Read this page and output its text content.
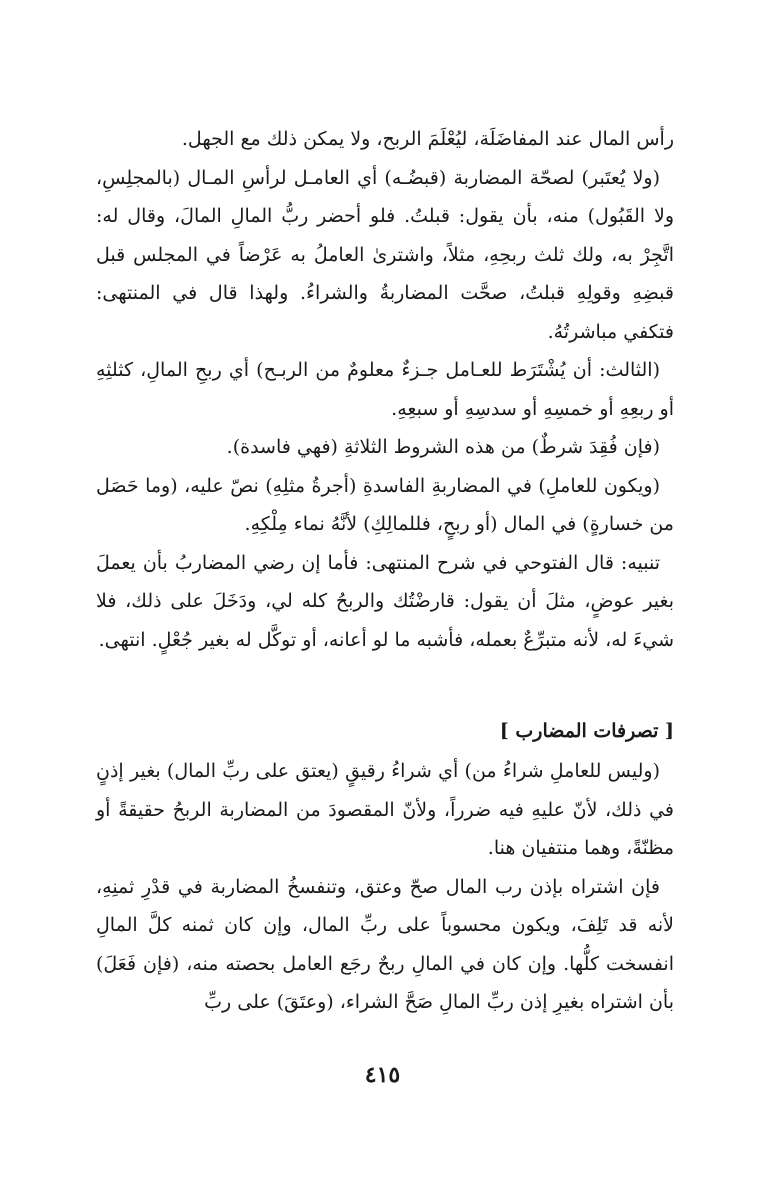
رأس المال عند المفاضَلَة، ليُعْلَمَ الربح، ولا يمكن ذلك مع الجهل.

(ولا يُعتَبر) لصحّة المضاربة (قبضُـه) أي العامـل لرأسِ المـال (بالمجلِسِ، ولا القَبُول) منه، بأن يقول: قبلتُ. فلو أحضر ربُّ المالِ المالَ، وقال له: اتَّجِرْ به، ولك ثلث ربحِهِ، مثلاً، واشترىٰ العاملُ به عَرْضاً في المجلس قبل قبضِهِ وقولِهِ قبلتُ، صحَّت المضاربةُ والشراءُ. ولهذا قال في المنتهى: فتكفي مباشرتُهُ.

(الثالث: أن يُشْتَرَط للعـامل جـزءٌ معلومٌ من الربـح) أي ربحِ المالِ، كثلثِهِ أو ربعِهِ أو خمسِهِ أو سدسِهِ أو سبعِهِ.

(فإن فُقِدَ شرطٌ) من هذه الشروط الثلاثةِ (فهي فاسدة).

(ويكون للعاملِ) في المضاربةِ الفاسدةِ (أجرةُ مثلِهِ) نصّ عليه، (وما حَصَل من خسارةٍ) في المال (أو ربحٍ، فللمالِكِ) لأنَّهُ نماء مِلْكِهِ.

تنبيه: قال الفتوحي في شرح المنتهى: فأما إن رضي المضاربُ بأن يعملَ بغير عوضٍ، مثلَ أن يقول: قارضْتُك والربحُ كله لي، ودَخَلَ على ذلك، فلا شيءَ له، لأنه متبرِّعٌ بعمله، فأشبه ما لو أعانه، أو توكَّل له بغير جُعْلٍ. انتهى.

[ تصرفات المضارب ]

(وليس للعاملِ شراءُ من) أي شراءُ رقيقٍ (يعتق على ربِّ المال) بغير إذنٍ في ذلك، لأنّ عليهِ فيه ضرراً، ولأنّ المقصودَ من المضاربة الربحُ حقيقةً أو مظنّةً، وهما منتفيان هنا.

فإن اشتراه بإذن رب المال صحّ وعتق، وتنفسخُ المضاربة في قدْرِ ثمنِهِ، لأنه قد تَلِفَ، ويكون محسوباً على ربِّ المال، وإن كان ثمنه كلَّ المالِ انفسخت كلُّها. وإن كان في المالِ ربحٌ رجَع العامل بحصته منه، (فإن فَعَلَ) بأن اشتراه بغيرِ إذن ربِّ المالِ صَحَّ الشراء، (وعتَقَ) على ربِّ

٤١٥
